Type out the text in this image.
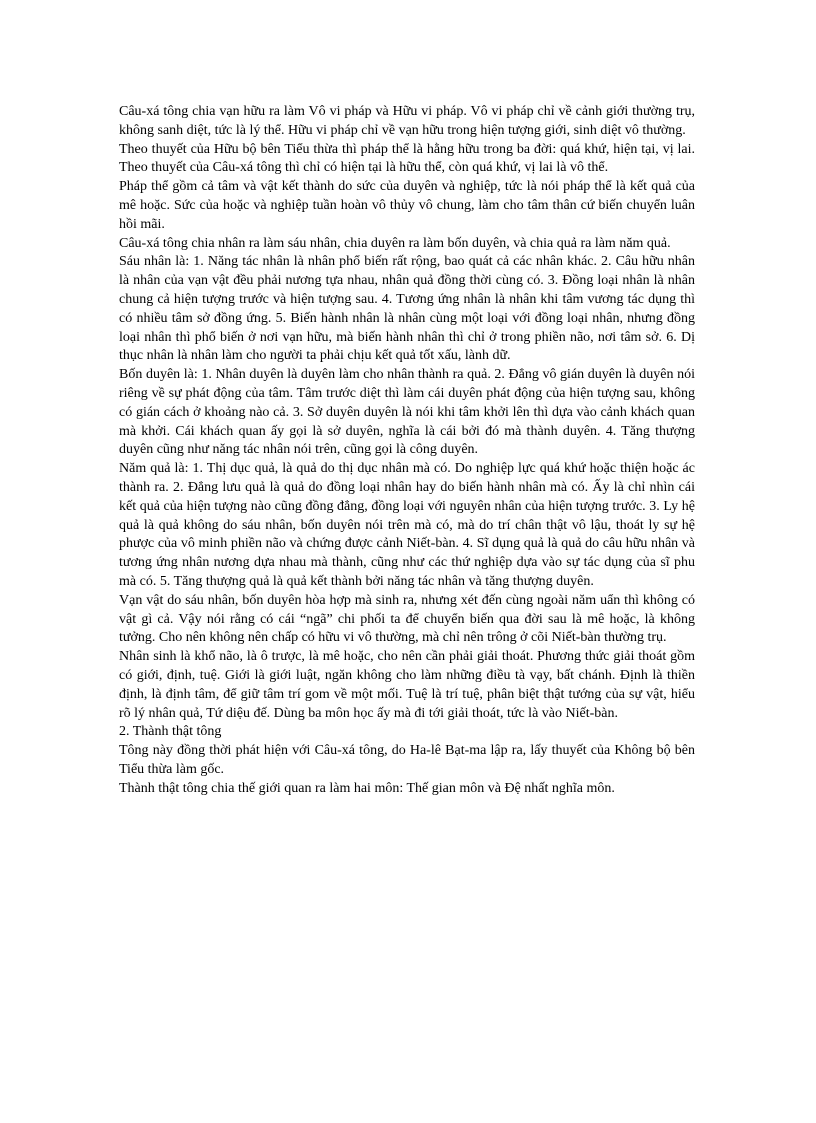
Câu-xá tông chia vạn hữu ra làm Vô vi pháp và Hữu vi pháp. Vô vi pháp chỉ về cảnh giới thường trụ, không sanh diệt, tức là lý thể. Hữu vi pháp chỉ về vạn hữu trong hiện tượng giới, sinh diệt vô thường.

Theo thuyết của Hữu bộ bên Tiểu thừa thì pháp thể là hằng hữu trong ba đời: quá khứ, hiện tại, vị lai. Theo thuyết của Câu-xá tông thì chỉ có hiện tại là hữu thể, còn quá khứ, vị lai là vô thể.

Pháp thể gồm cả tâm và vật kết thành do sức của duyên và nghiệp, tức là nói pháp thể là kết quả của mê hoặc. Sức của hoặc và nghiệp tuần hoàn vô thủy vô chung, làm cho tâm thân cứ biến chuyển luân hồi mãi.

Câu-xá tông chia nhân ra làm sáu nhân, chia duyên ra làm bốn duyên, và chia quả ra làm năm quả.

Sáu nhân là: 1. Năng tác nhân là nhân phổ biến rất rộng, bao quát cả các nhân khác. 2. Câu hữu nhân là nhân của vạn vật đều phải nương tựa nhau, nhân quả đồng thời cùng có. 3. Đồng loại nhân là nhân chung cả hiện tượng trước và hiện tượng sau. 4. Tương ứng nhân là nhân khi tâm vương tác dụng thì có nhiều tâm sở đồng ứng. 5. Biến hành nhân là nhân cùng một loại với đồng loại nhân, nhưng đồng loại nhân thì phổ biến ở nơi vạn hữu, mà biến hành nhân thì chỉ ở trong phiền não, nơi tâm sở. 6. Dị thục nhân là nhân làm cho người ta phải chịu kết quả tốt xấu, lành dữ.

Bốn duyên là: 1. Nhân duyên là duyên làm cho nhân thành ra quả. 2. Đẳng vô gián duyên là duyên nói riêng về sự phát động của tâm. Tâm trước diệt thì làm cái duyên phát động của hiện tượng sau, không có gián cách ở khoảng nào cả. 3. Sở duyên duyên là nói khi tâm khởi lên thì dựa vào cảnh khách quan mà khởi. Cái khách quan ấy gọi là sở duyên, nghĩa là cái bởi đó mà thành duyên. 4. Tăng thượng duyên cũng như năng tác nhân nói trên, cũng gọi là công duyên.

Năm quả là: 1. Thị dục quả, là quả do thị dục nhân mà có. Do nghiệp lực quá khứ hoặc thiện hoặc ác thành ra. 2. Đẳng lưu quả là quả do đồng loại nhân hay do biến hành nhân mà có. Ấy là chỉ nhìn cái kết quả của hiện tượng nào cũng đồng đẳng, đồng loại với nguyên nhân của hiện tượng trước. 3. Ly hệ quả là quả không do sáu nhân, bốn duyên nói trên mà có, mà do trí chân thật vô lậu, thoát ly sự hệ phược của vô minh phiền não và chứng được cảnh Niết-bàn. 4. Sĩ dụng quả là quả do câu hữu nhân và tương ứng nhân nương dựa nhau mà thành, cũng như các thứ nghiệp dựa vào sự tác dụng của sĩ phu mà có. 5. Tăng thượng quả là quả kết thành bởi năng tác nhân và tăng thượng duyên.

Vạn vật do sáu nhân, bốn duyên hòa hợp mà sinh ra, nhưng xét đến cùng ngoài năm uẩn thì không có vật gì cả. Vậy nói rằng có cái “ngã” chi phối ta để chuyển biến qua đời sau là mê hoặc, là không tưởng. Cho nên không nên chấp có hữu vi vô thường, mà chỉ nên trông ở cõi Niết-bàn thường trụ.

Nhân sinh là khổ não, là ô trược, là mê hoặc, cho nên cần phải giải thoát. Phương thức giải thoát gồm có giới, định, tuệ. Giới là giới luật, ngăn không cho làm những điều tà vạy, bất chánh. Định là thiền định, là định tâm, để giữ tâm trí gom về một mối. Tuệ là trí tuệ, phân biệt thật tướng của sự vật, hiểu rõ lý nhân quả, Tứ diệu đế. Dùng ba môn học ấy mà đi tới giải thoát, tức là vào Niết-bàn.

2. Thành thật tông

Tông này đồng thời phát hiện với Câu-xá tông, do Ha-lê Bạt-ma lập ra, lấy thuyết của Không bộ bên Tiểu thừa làm gốc.

Thành thật tông chia thế giới quan ra làm hai môn: Thế gian môn và Đệ nhất nghĩa môn.
